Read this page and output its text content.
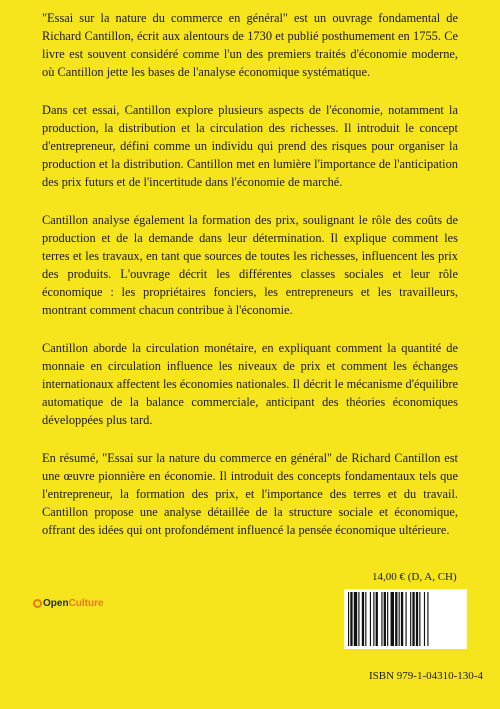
"Essai sur la nature du commerce en général" est un ouvrage fondamental de Richard Cantillon, écrit aux alentours de 1730 et publié posthumement en 1755. Ce livre est souvent considéré comme l'un des premiers traités d'économie moderne, où Cantillon jette les bases de l'analyse économique systématique.

Dans cet essai, Cantillon explore plusieurs aspects de l'économie, notamment la production, la distribution et la circulation des richesses. Il introduit le concept d'entrepreneur, défini comme un individu qui prend des risques pour organiser la production et la distribution. Cantillon met en lumière l'importance de l'anticipation des prix futurs et de l'incertitude dans l'économie de marché.

Cantillon analyse également la formation des prix, soulignant le rôle des coûts de production et de la demande dans leur détermination. Il explique comment les terres et les travaux, en tant que sources de toutes les richesses, influencent les prix des produits. L'ouvrage décrit les différentes classes sociales et leur rôle économique : les propriétaires fonciers, les entrepreneurs et les travailleurs, montrant comment chacun contribue à l'économie.

Cantillon aborde la circulation monétaire, en expliquant comment la quantité de monnaie en circulation influence les niveaux de prix et comment les échanges internationaux affectent les économies nationales. Il décrit le mécanisme d'équilibre automatique de la balance commerciale, anticipant des théories économiques développées plus tard.

En résumé, "Essai sur la nature du commerce en général" de Richard Cantillon est une œuvre pionnière en économie. Il introduit des concepts fondamentaux tels que l'entrepreneur, la formation des prix, et l'importance des terres et du travail. Cantillon propose une analyse détaillée de la structure sociale et économique, offrant des idées qui ont profondément influencé la pensée économique ultérieure.

14,00 € (D, A, CH)
Open Culture
ISBN 979-1-04310-130-4
